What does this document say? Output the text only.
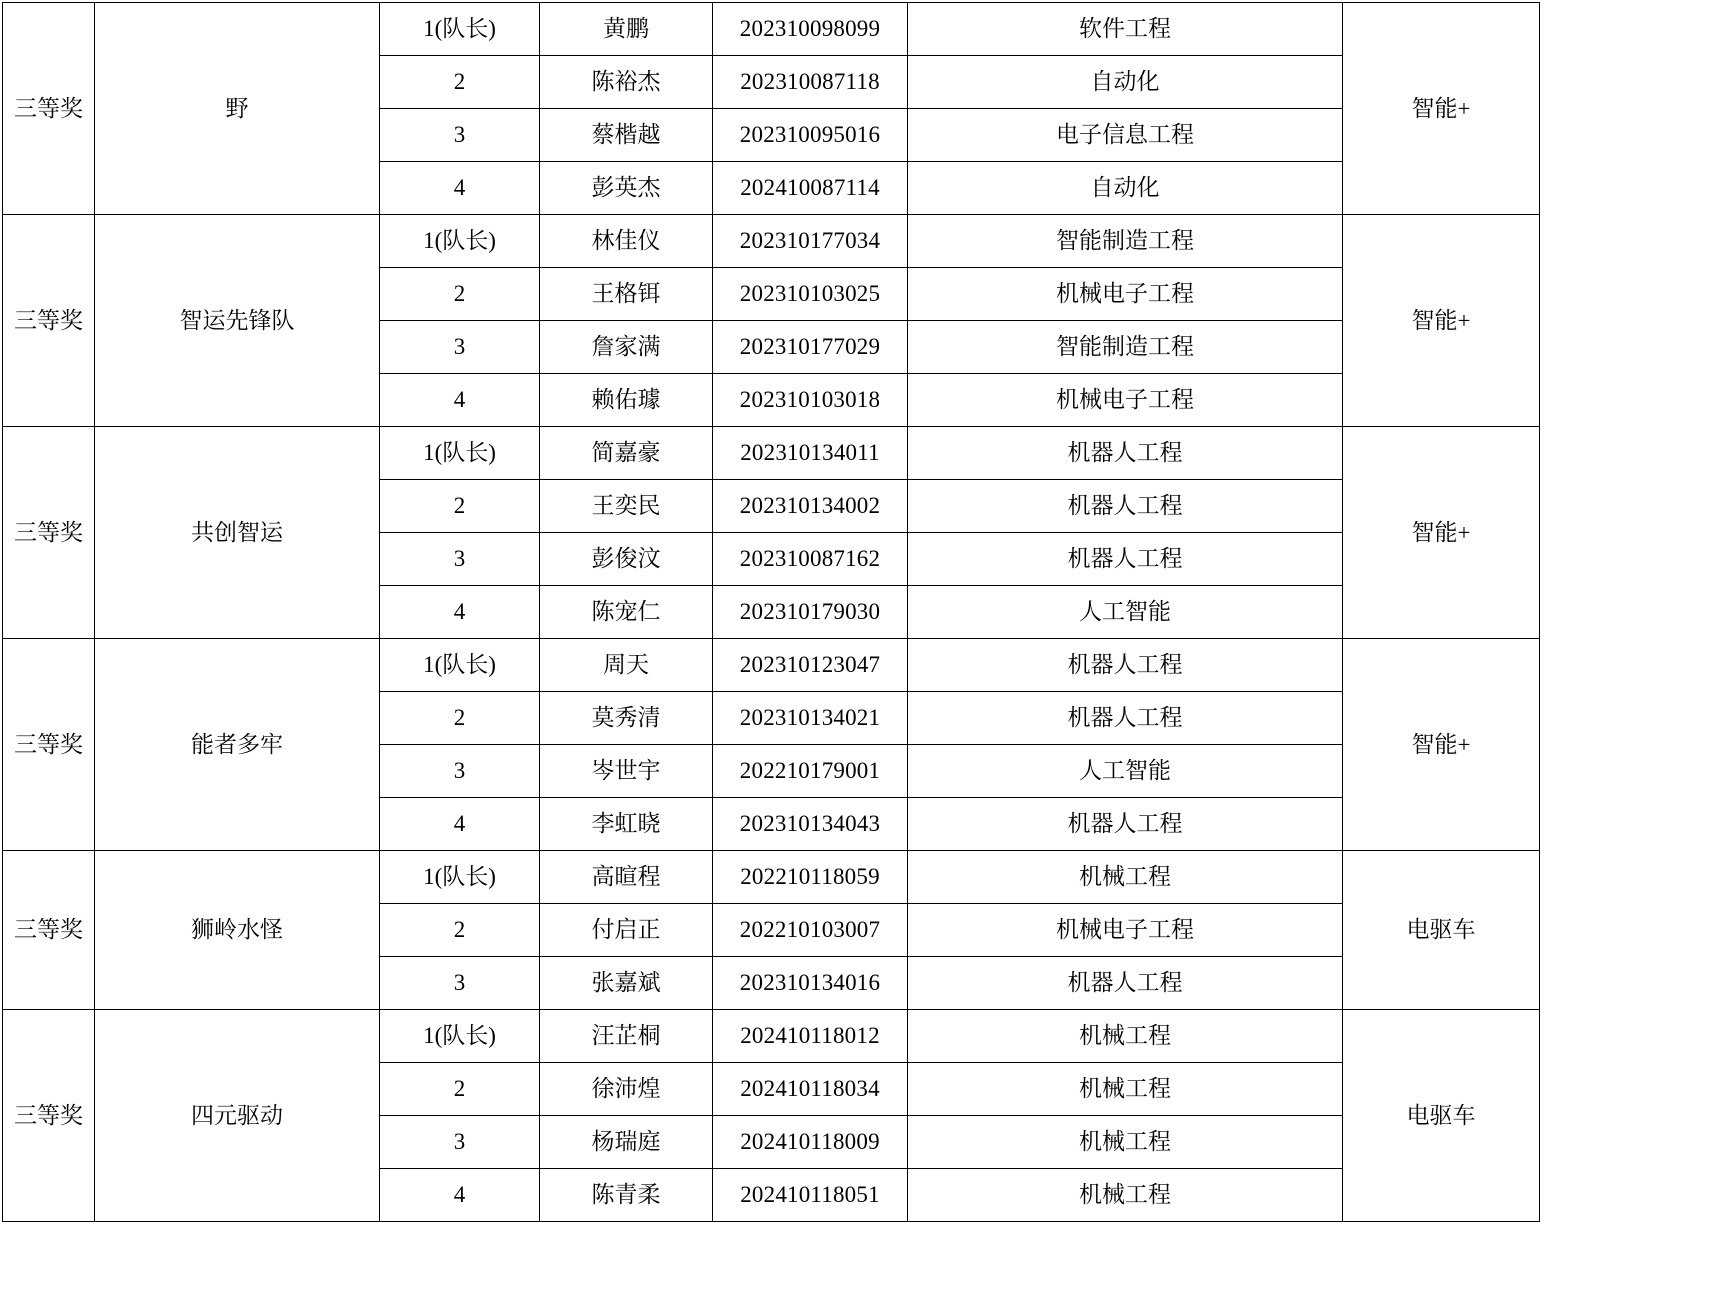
三等奖	野	1(队长)	黄鹏	202310098099	软件工程	智能+
		2	陈裕杰	202310087118	自动化	
		3	蔡楷越	202310095016	电子信息工程	
		4	彭英杰	202410087114	自动化	
三等奖	智运先锋队	1(队长)	林佳仪	202310177034	智能制造工程	智能+
		2	王格铒	202310103025	机械电子工程	
		3	詹家满	202310177029	智能制造工程	
		4	赖佑璩	202310103018	机械电子工程	
三等奖	共创智运	1(队长)	简嘉豪	202310134011	机器人工程	智能+
		2	王奕民	202310134002	机器人工程	
		3	彭俊汶	202310087162	机器人工程	
		4	陈宠仁	202310179030	人工智能	
三等奖	能者多牢	1(队长)	周天	202310123047	机器人工程	智能+
		2	莫秀清	202310134021	机器人工程	
		3	岑世宇	202210179001	人工智能	
		4	李虹晓	202310134043	机器人工程	
三等奖	狮岭水怪	1(队长)	高暄程	202210118059	机械工程	电驱车
		2	付启正	202210103007	机械电子工程	
		3	张嘉斌	202310134016	机器人工程	
三等奖	四元驱动	1(队长)	汪芷桐	202410118012	机械工程	电驱车
		2	徐沛煌	202410118034	机械工程	
		3	杨瑞庭	202410118009	机械工程	
		4	陈青柔	202410118051	机械工程	
